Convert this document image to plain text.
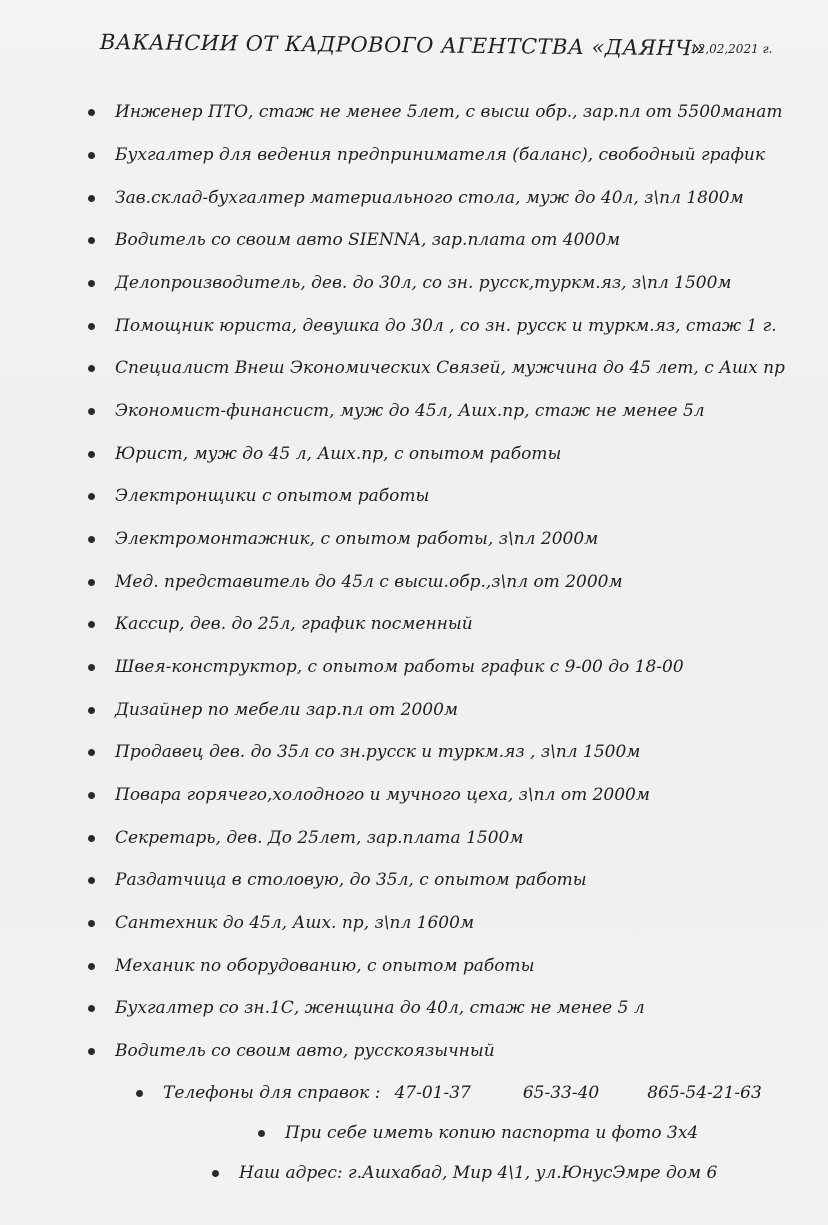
ВАКАНСИИ ОТ КАДРОВОГО АГЕНТСТВА «ДАЯНЧ»
12,02,2021 г.
Инженер ПТО, стаж не менее 5лет, с высш обр., зар.пл от 5500манат
Бухгалтер для ведения предпринимателя (баланс), свободный график
Зав.склад-бухгалтер материального стола, муж до 40л, з\пл 1800м
Водитель со своим авто SIENNA, зар.плата от 4000м
Делопроизводитель, дев. до 30л, со зн. русск,туркм.яз, з\пл 1500м
Помощник юриста, девушка до 30л , со зн. русск и туркм.яз, стаж 1 г.
Специалист Внеш Экономических Связей, мужчина до 45 лет, с Ашх пр
Экономист-финансист, муж до 45л, Ашх.пр, стаж не менее 5л
Юрист, муж до 45 л, Ашх.пр, с опытом работы
Электронщики с опытом работы
Электромонтажник, с опытом работы, з\пл 2000м
Мед. представитель до 45л с высш.обр.,з\пл от 2000м
Кассир, дев. до 25л, график посменный
Швея-конструктор, с опытом работы график с 9-00 до 18-00
Дизайнер по мебели зар.пл от 2000м
Продавец дев. до 35л со зн.русск и туркм.яз , з\пл 1500м
Повара горячего,холодного и мучного цеха, з\пл от 2000м
Секретарь, дев. До 25лет, зар.плата 1500м
Раздатчица в столовую, до 35л, с опытом работы
Сантехник до 45л, Ашх. пр, з\пл 1600м
Механик по оборудованию, с опытом работы
Бухгалтер со зн.1С, женщина до 40л, стаж не менее 5 л
Водитель со своим авто, русскоязычный
Телефоны для справок : 47-01-37	65-33-40	865-54-21-63
При себе иметь копию паспорта и фото 3х4
Наш адрес: г.Ашхабад, Мир 4\1, ул.ЮнусЭмре дом 6
